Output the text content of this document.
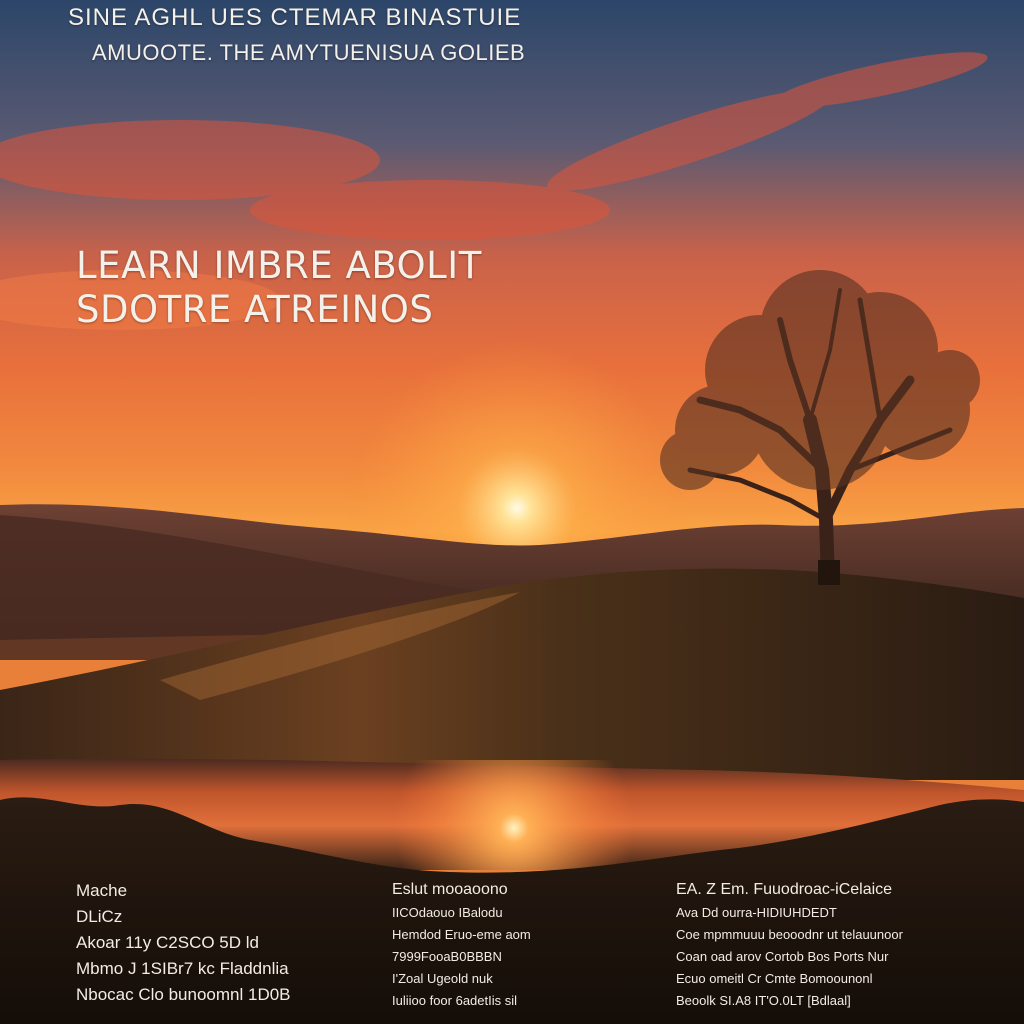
SINE AGHL UES CTEMAR BINASTUIE
AMUOOTE. THE AMYTUENISUA GOLIEB
LEARN IMBRE ABOLIT
SDOTRE ATREINOS
Mache
DLiCz
Akoar 11y C2SCO 5D ld
Mbmo J 1SIBr7 kc Fladdnlia
Nbocac Clo bunoomnl 1D0B
Eslut mooaoono
IICOdaouo IBalodu
Hemdod Eruo-eme aom
7999FooaB0BBBN
I'Zoal Ugeold nuk
Iuliioo foor 6adetIis sil
EA. Z Em. Fuuodroac-iCelaice
Ava Dd ourra-HIDIUHDEDT
Coe mpmmuuu beooodnr ut telauunoor
Coan oad arov Cortob Bos Ports Nur
Ecuo omeitl Cr Cmte Bomoounonl
Beoolk SI.A8 IT'O.0LT [Bdlaal]
